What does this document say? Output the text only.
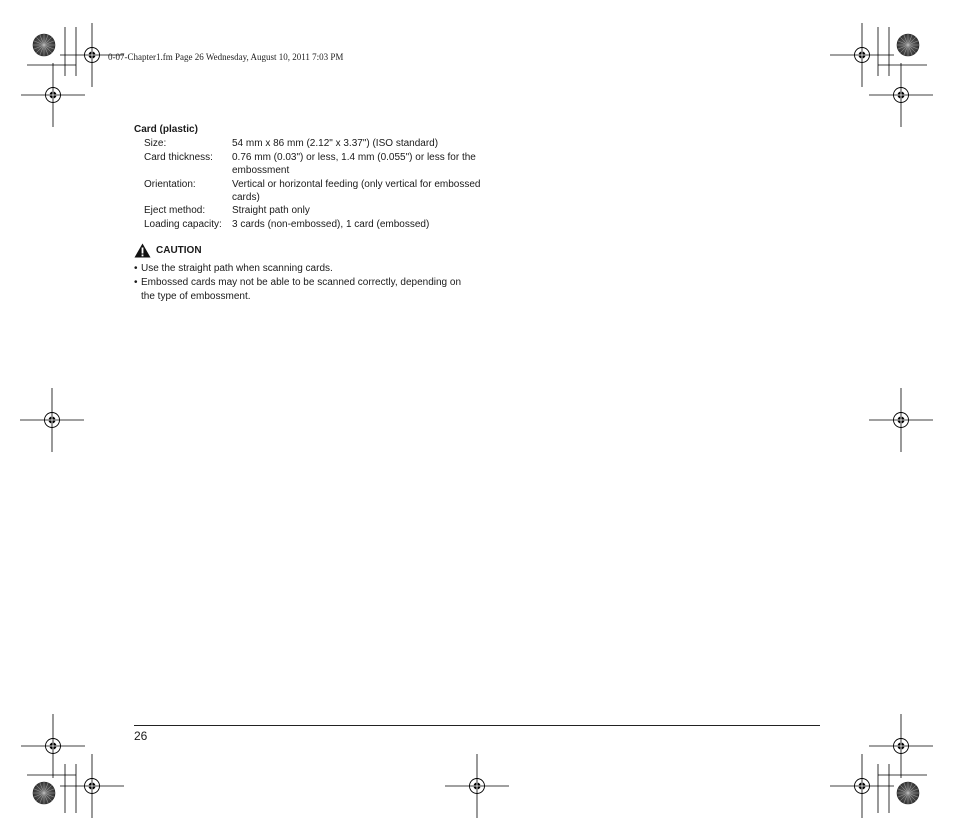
0-07-Chapter1.fm Page 26 Wednesday, August 10, 2011 7:03 PM
Card (plastic)
Size:	54 mm x 86 mm (2.12" x 3.37") (ISO standard)
Card thickness:	0.76 mm (0.03") or less, 1.4 mm (0.055") or less for the embossment
Orientation:	Vertical or horizontal feeding (only vertical for embossed cards)
Eject method:	Straight path only
Loading capacity:	3 cards (non-embossed), 1 card (embossed)
CAUTION
• Use the straight path when scanning cards.
• Embossed cards may not be able to be scanned correctly, depending on the type of embossment.
26
